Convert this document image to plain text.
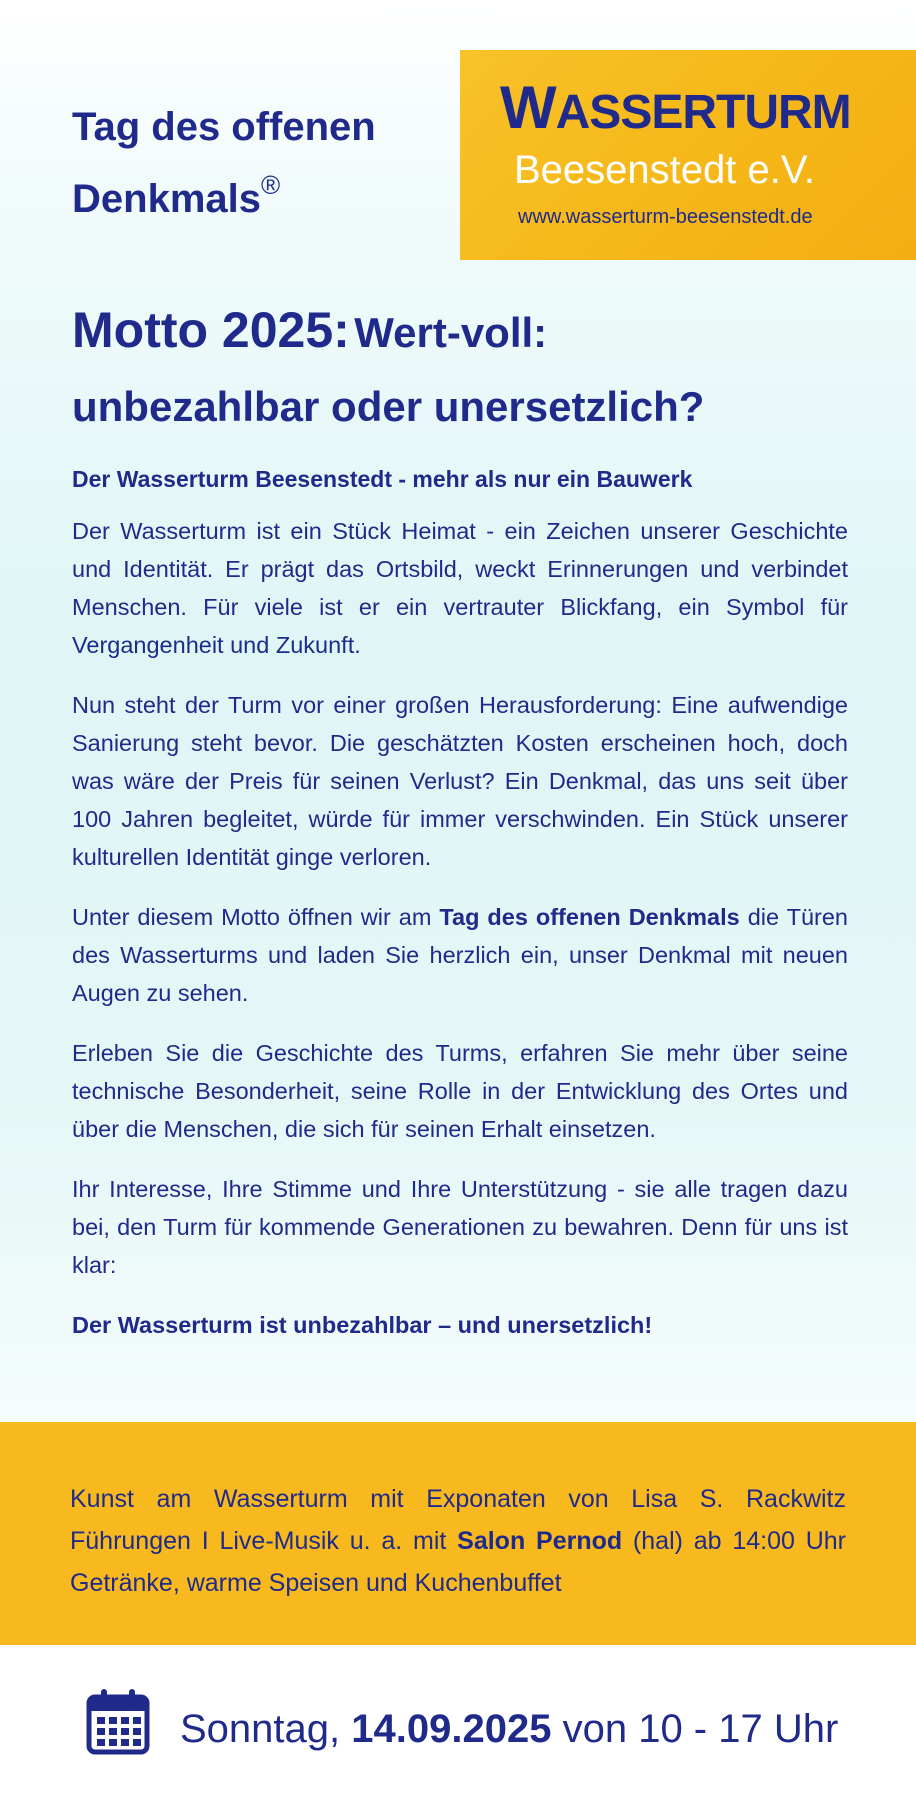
Tag des offenen
Denkmals®
WASSERTURM
Beesenstedt e.V.
www.wasserturm-beesenstedt.de
Motto 2025: Wert-voll:
unbezahlbar oder unersetzlich?

Der Wasserturm Beesenstedt - mehr als nur ein Bauwerk

Der Wasserturm ist ein Stück Heimat - ein Zeichen unserer Geschichte und Identität. Er prägt das Ortsbild, weckt Erinnerungen und verbindet Menschen. Für viele ist er ein vertrauter Blickfang, ein Symbol für Vergangenheit und Zukunft.

Nun steht der Turm vor einer großen Herausforderung: Eine aufwendige Sanierung steht bevor. Die geschätzten Kosten erscheinen hoch, doch was wäre der Preis für seinen Verlust? Ein Denkmal, das uns seit über 100 Jahren begleitet, würde für immer verschwinden. Ein Stück unserer kulturellen Identität ginge verloren.

Unter diesem Motto öffnen wir am Tag des offenen Denkmals die Türen des Wasserturms und laden Sie herzlich ein, unser Denkmal mit neuen Augen zu sehen.

Erleben Sie die Geschichte des Turms, erfahren Sie mehr über seine technische Besonderheit, seine Rolle in der Entwicklung des Ortes und über die Menschen, die sich für seinen Erhalt einsetzen.

Ihr Interesse, Ihre Stimme und Ihre Unterstützung - sie alle tragen dazu bei, den Turm für kommende Generationen zu bewahren. Denn für uns ist klar:

Der Wasserturm ist unbezahlbar – und unersetzlich!

Kunst am Wasserturm mit Exponaten von Lisa S. Rackwitz
Führungen I Live-Musik u. a. mit Salon Pernod (hal) ab 14:00 Uhr
Getränke, warme Speisen und Kuchenbuffet
Sonntag, 14.09.2025 von 10 - 17 Uhr
